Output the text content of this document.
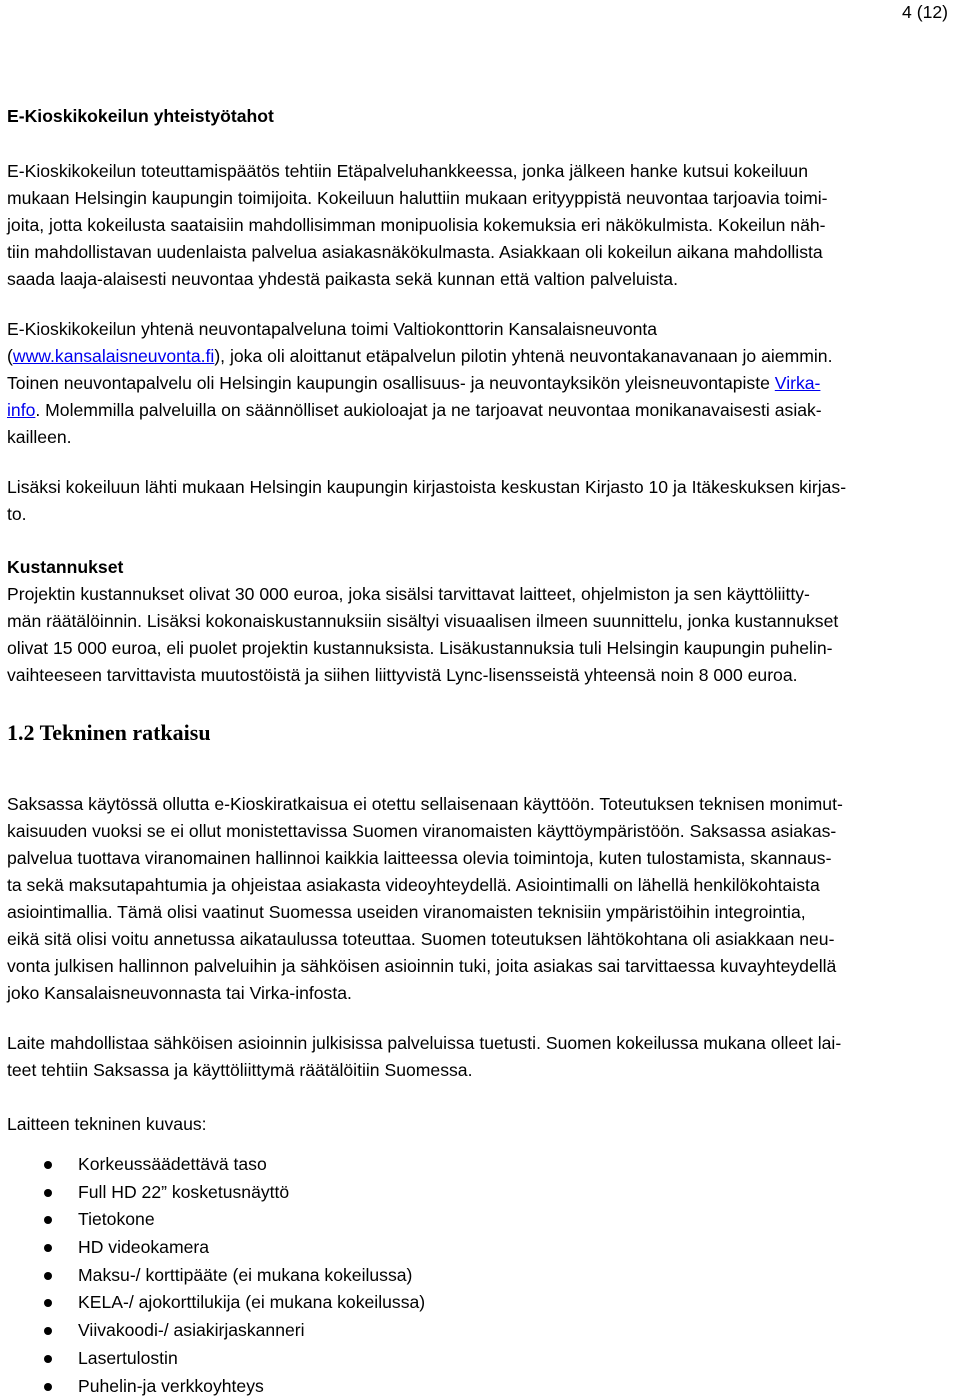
4 (12)
E-Kioskikokeilun yhteistyötahot
E-Kioskikokeilun toteuttamispäätös tehtiin Etäpalveluhankkeessa, jonka jälkeen hanke kutsui kokeiluun
mukaan Helsingin kaupungin toimijoita. Kokeiluun haluttiin mukaan erityyppistä neuvontaa tarjoavia toimi-
joita, jotta kokeilusta saataisiin mahdollisimman monipuolisia kokemuksia eri näkökulmista. Kokeilun näh-
tiin mahdollistavan uudenlaista palvelua asiakasnäkökulmasta. Asiakkaan oli kokeilun aikana mahdollista
saada laaja-alaisesti neuvontaa yhdestä paikasta sekä kunnan että valtion palveluista.
E-Kioskikokeilun yhtenä neuvontapalveluna toimi Valtiokonttorin Kansalaisneuvonta
(www.kansalaisneuvonta.fi), joka oli aloittanut etäpalvelun pilotin yhtenä neuvontakanavanaan jo aiemmin.
Toinen neuvontapalvelu oli Helsingin kaupungin osallisuus- ja neuvontayksikön yleisneuvontapiste Virka-
info. Molemmilla palveluilla on säännölliset aukioloajat ja ne tarjoavat neuvontaa monikanavaisesti asiak-
kailleen.
Lisäksi kokeiluun lähti mukaan Helsingin kaupungin kirjastoista keskustan Kirjasto 10 ja Itäkeskuksen kirjas-
to.
Kustannukset
Projektin kustannukset olivat 30 000 euroa, joka sisälsi tarvittavat laitteet, ohjelmiston ja sen käyttöliitty-
män räätälöinnin. Lisäksi kokonaiskustannuksiin sisältyi visuaalisen ilmeen suunnittelu, jonka kustannukset
olivat 15 000 euroa, eli puolet projektin kustannuksista. Lisäkustannuksia tuli Helsingin kaupungin puhelin-
vaihteeseen tarvittavista muutostöistä ja siihen liittyvistä Lync-lisensseistä yhteensä noin 8 000 euroa.
1.2 Tekninen ratkaisu
Saksassa käytössä ollutta e-Kioskiratkaisua ei otettu sellaisenaan käyttöön. Toteutuksen teknisen monimut-
kaisuuden vuoksi se ei ollut monistettavissa Suomen viranomaisten käyttöympäristöön. Saksassa asiakas-
palvelua tuottava viranomainen hallinnoi kaikkia laitteessa olevia toimintoja, kuten tulostamista, skannaus-
ta sekä maksutapahtumia ja ohjeistaa asiakasta videoyhteydellä. Asiointimalli on lähellä henkilökohtaista
asiointimallia. Tämä olisi vaatinut Suomessa useiden viranomaisten teknisiin ympäristöihin integrointia,
eikä sitä olisi voitu annetussa aikataulussa toteuttaa. Suomen toteutuksen lähtökohtana oli asiakkaan neu-
vonta julkisen hallinnon palveluihin ja sähköisen asioinnin tuki, joita asiakas sai tarvittaessa kuvayhteydellä
joko Kansalaisneuvonnasta tai Virka-infosta.
Laite mahdollistaa sähköisen asioinnin julkisissa palveluissa tuetusti. Suomen kokeilussa mukana olleet lai-
teet tehtiin Saksassa ja käyttöliittymä räätälöitiin Suomessa.
Laitteen tekninen kuvaus:
Korkeussäädettävä taso
Full HD 22” kosketusnäyttö
Tietokone
HD videokamera
Maksu-/ korttipääte (ei mukana kokeilussa)
KELA-/ ajokorttilukija (ei mukana kokeilussa)
Viivakoodi-/ asiakirjaskanneri
Lasertulostin
Puhelin-ja verkkoyhteys
